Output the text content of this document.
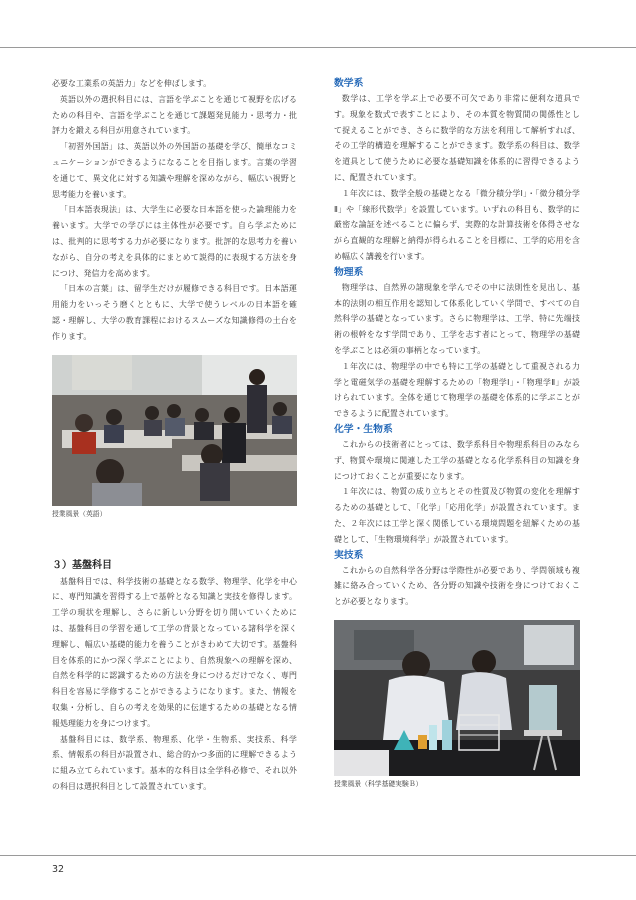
必要な工業系の英語力」などを伸ばします。

英語以外の選択科目には、言語を学ぶことを通じて視野を広げるための科目や、言語を学ぶことを通じて課題発見能力・思考力・批評力を鍛える科目が用意されています。

「初習外国語」は、英語以外の外国語の基礎を学び、簡単なコミュニケーションができるようになることを目指します。言葉の学習を通じて、異文化に対する知識や理解を深めながら、幅広い視野と思考能力を養います。

「日本語表現法」は、大学生に必要な日本語を使った論理能力を養います。大学での学びには主体性が必要です。自ら学ぶためには、批判的に思考する力が必要になります。批評的な思考力を養いながら、自分の考えを具体的にまとめて説得的に表現する方法を身につけ、発信力を高めます。

「日本の言葉」は、留学生だけが履修できる科目です。日本語運用能力をいっそう磨くとともに、大学で使うレベルの日本語を確認・理解し、大学の教育課程におけるスムーズな知識修得の土台を作ります。

授業風景（英語）
３）基盤科目

基盤科目では、科学技術の基礎となる数学、物理学、化学を中心に、専門知識を習得する上で基幹となる知識と実技を修得します。工学の現状を理解し、さらに新しい分野を切り開いていくためには、基盤科目の学習を通して工学の背景となっている諸科学を深く理解し、幅広い基礎的能力を養うことがきわめて大切です。基盤科目を体系的にかつ深く学ぶことにより、自然現象への理解を深め、自然を科学的に認識するための方法を身につけるだけでなく、専門科目を容易に学修することができるようになります。また、情報を収集・分析し、自らの考えを効果的に伝達するための基礎となる情報処理能力を身につけます。

基盤科目には、数学系、物理系、化学・生物系、実技系、科学系、情報系の科目が設置され、総合的かつ多面的に理解できるように組み立てられています。基本的な科目は全学科必修で、それ以外の科目は選択科目として設置されています。

数学系

数学は、工学を学ぶ上で必要不可欠であり非常に便利な道具です。現象を数式で表すことにより、その本質を物質間の関係性として捉えることができ、さらに数学的な方法を利用して解析すれば、その工学的構造を理解することができます。数学系の科目は、数学を道具として使うために必要な基礎知識を体系的に習得できるように、配置されています。

１年次には、数学全般の基礎となる「微分積分学Ⅰ」・「微分積分学Ⅱ」や「線形代数学」を設置しています。いずれの科目も、数学的に厳密な論証を述べることに偏らず、実際的な計算技術を体得させながら直観的な理解と納得が得られることを目標に、工学的応用を含め幅広く講義を行います。

物理系

物理学は、自然界の諸現象を学んでその中に法則性を見出し、基本的法則の相互作用を認知して体系化していく学問で、すべての自然科学の基礎となっています。さらに物理学は、工学、特に先端技術の根幹をなす学問であり、工学を志す者にとって、物理学の基礎を学ぶことは必須の事柄となっています。

１年次には、物理学の中でも特に工学の基礎として重視される力学と電磁気学の基礎を理解するための「物理学Ⅰ」・「物理学Ⅱ」が設けられています。全体を通じて物理学の基礎を体系的に学ぶことができるように配置されています。

化学・生物系

これからの技術者にとっては、数学系科目や物理系科目のみならず、物質や環境に関連した工学の基礎となる化学系科目の知識を身につけておくことが重要になります。

１年次には、物質の成り立ちとその性質及び物質の変化を理解するための基礎として、「化学」「応用化学」が設置されています。また、２年次には工学と深く関係している環境問題を紐解くための基礎として、「生物環境科学」が設置されています。

実技系

これからの自然科学各分野は学際性が必要であり、学問領域も複雑に絡み合っていくため、各分野の知識や技術を身につけておくことが必要となります。

授業風景（科学基礎実験Ｂ）
32
